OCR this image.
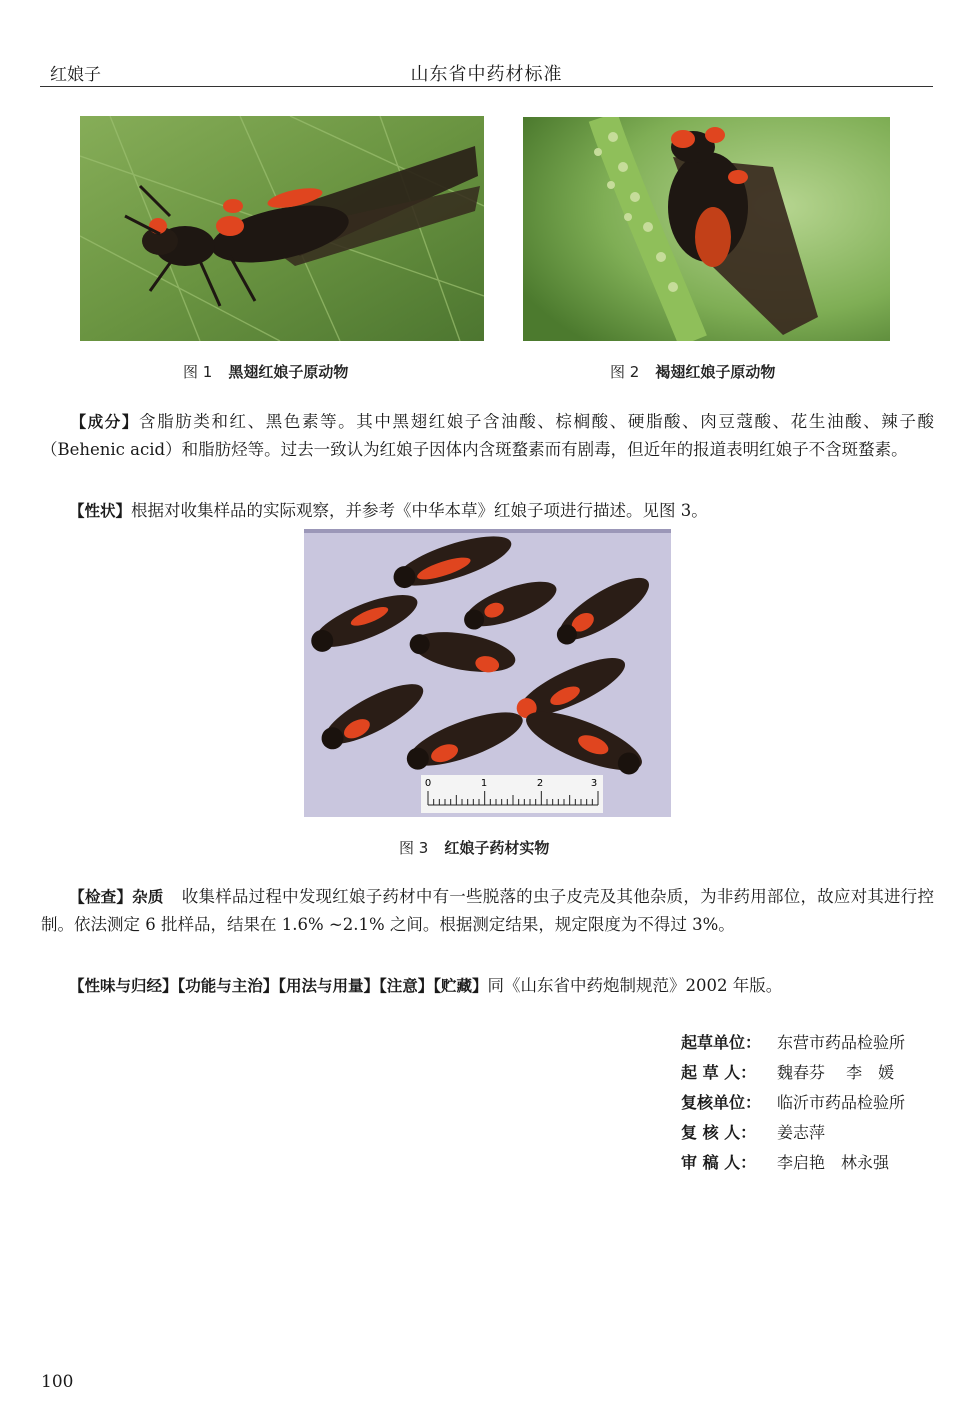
红娘子	山东省中药材标准
图 1 黑翅红娘子原动物	图 2 褐翅红娘子原动物
【成分】含脂肪类和红、黑色素等。其中黑翅红娘子含油酸、棕榈酸、硬脂酸、肉豆蔻酸、花生油酸、辣子酸（Behenic acid）和脂肪烃等。过去一致认为红娘子因体内含斑蝥素而有剧毒，但近年的报道表明红娘子不含斑蝥素。
【性状】根据对收集样品的实际观察，并参考《中华本草》红娘子项进行描述。见图 3。
0	1	2	3
图 3 红娘子药材实物
【检查】杂质 收集样品过程中发现红娘子药材中有一些脱落的虫子皮壳及其他杂质，为非药用部位，故应对其进行控制。依法测定 6 批样品，结果在 1.6% ~2.1% 之间。根据测定结果，规定限度为不得过 3%。
【性味与归经】【功能与主治】【用法与用量】【注意】【贮藏】同《山东省中药炮制规范》2002 年版。
起草单位： 东营市药品检验所
起 草 人： 魏春芬　 李　媛
复核单位： 临沂市药品检验所
复 核 人： 姜志萍
审 稿 人： 李启艳　林永强
100
